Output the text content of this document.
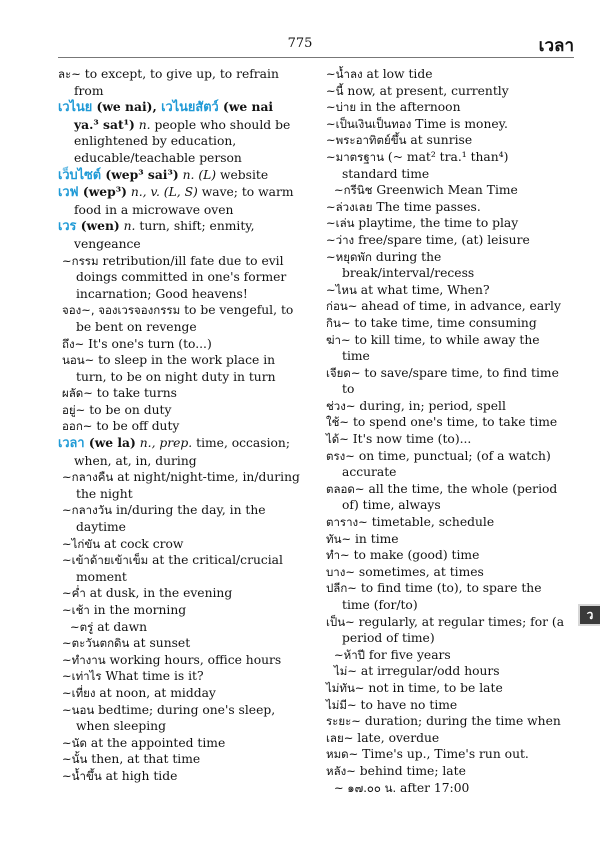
775	เวลา

ละ~ to except, to give up, to refrain from

เวไนย (we nai), เวไนยสัตว์ (we nai ya.³ sat¹) n. people who should be enlightened by education, educable/teachable person

เว็บไซต์ (wep³ sai³) n. (L) website

เวฟ (wep³) n., v. (L, S) wave; to warm food in a microwave oven

เวร (wen) n. turn, shift; enmity, vengeance

~กรรม retribution/ill fate due to evil doings committed in one's former incarnation; Good heavens!

จอง~, จองเวรจองกรรม to be vengeful, to be bent on revenge

ถึง~ It's one's turn (to...)

นอน~ to sleep in the work place in turn, to be on night duty in turn

ผลัด~ to take turns

อยู่~ to be on duty

ออก~ to be off duty

เวลา (we la) n., prep. time, occasion; when, at, in, during

~กลางคืน at night/night-time, in/during the night

~กลางวัน in/during the day, in the daytime

~ไก่ขัน at cock crow

~เข้าด้ายเข้าเข็ม at the critical/crucial moment

~ค่ำ at dusk, in the evening

~เช้า in the morning

~ตรู่ at dawn

~ตะวันตกดิน at sunset

~ทำงาน working hours, office hours

~เท่าไร What time is it?

~เที่ยง at noon, at midday

~นอน bedtime; during one's sleep, when sleeping

~นัด at the appointed time

~นั้น then, at that time

~น้ำขึ้น at high tide

~น้ำลง at low tide

~นี้ now, at present, currently

~บ่าย in the afternoon

~เป็นเงินเป็นทอง Time is money.

~พระอาทิตย์ขึ้น at sunrise

~มาตรฐาน (~ mat² tra.¹ than⁴) standard time

~กรีนิช Greenwich Mean Time

~ล่วงเลย The time passes.

~เล่น playtime, the time to play

~ว่าง free/spare time, (at) leisure

~หยุดพัก during the break/interval/recess

~ไหน at what time, When?

ก่อน~ ahead of time, in advance, early

กิน~ to take time, time consuming

ฆ่า~ to kill time, to while away the time

เจียด~ to save/spare time, to find time to

ช่วง~ during, in; period, spell

ใช้~ to spend one's time, to take time

ได้~ It's now time (to)...

ตรง~ on time, punctual; (of a watch) accurate

ตลอด~ all the time, the whole (period of) time, always

ตาราง~ timetable, schedule

ทัน~ in time

ทำ~ to make (good) time

บาง~ sometimes, at times

ปลีก~ to find time (to), to spare the time (for/to)

เป็น~ regularly, at regular times; for (a period of time)

~ห้าปี for five years

ไม่~ at irregular/odd hours

ไม่ทัน~ not in time, to be late

ไม่มี~ to have no time

ระยะ~ duration; during the time when

เลย~ late, overdue

หมด~ Time's up., Time's run out.

หลัง~ behind time; late

~ ๑๗.๐๐ น. after 17:00

ว
